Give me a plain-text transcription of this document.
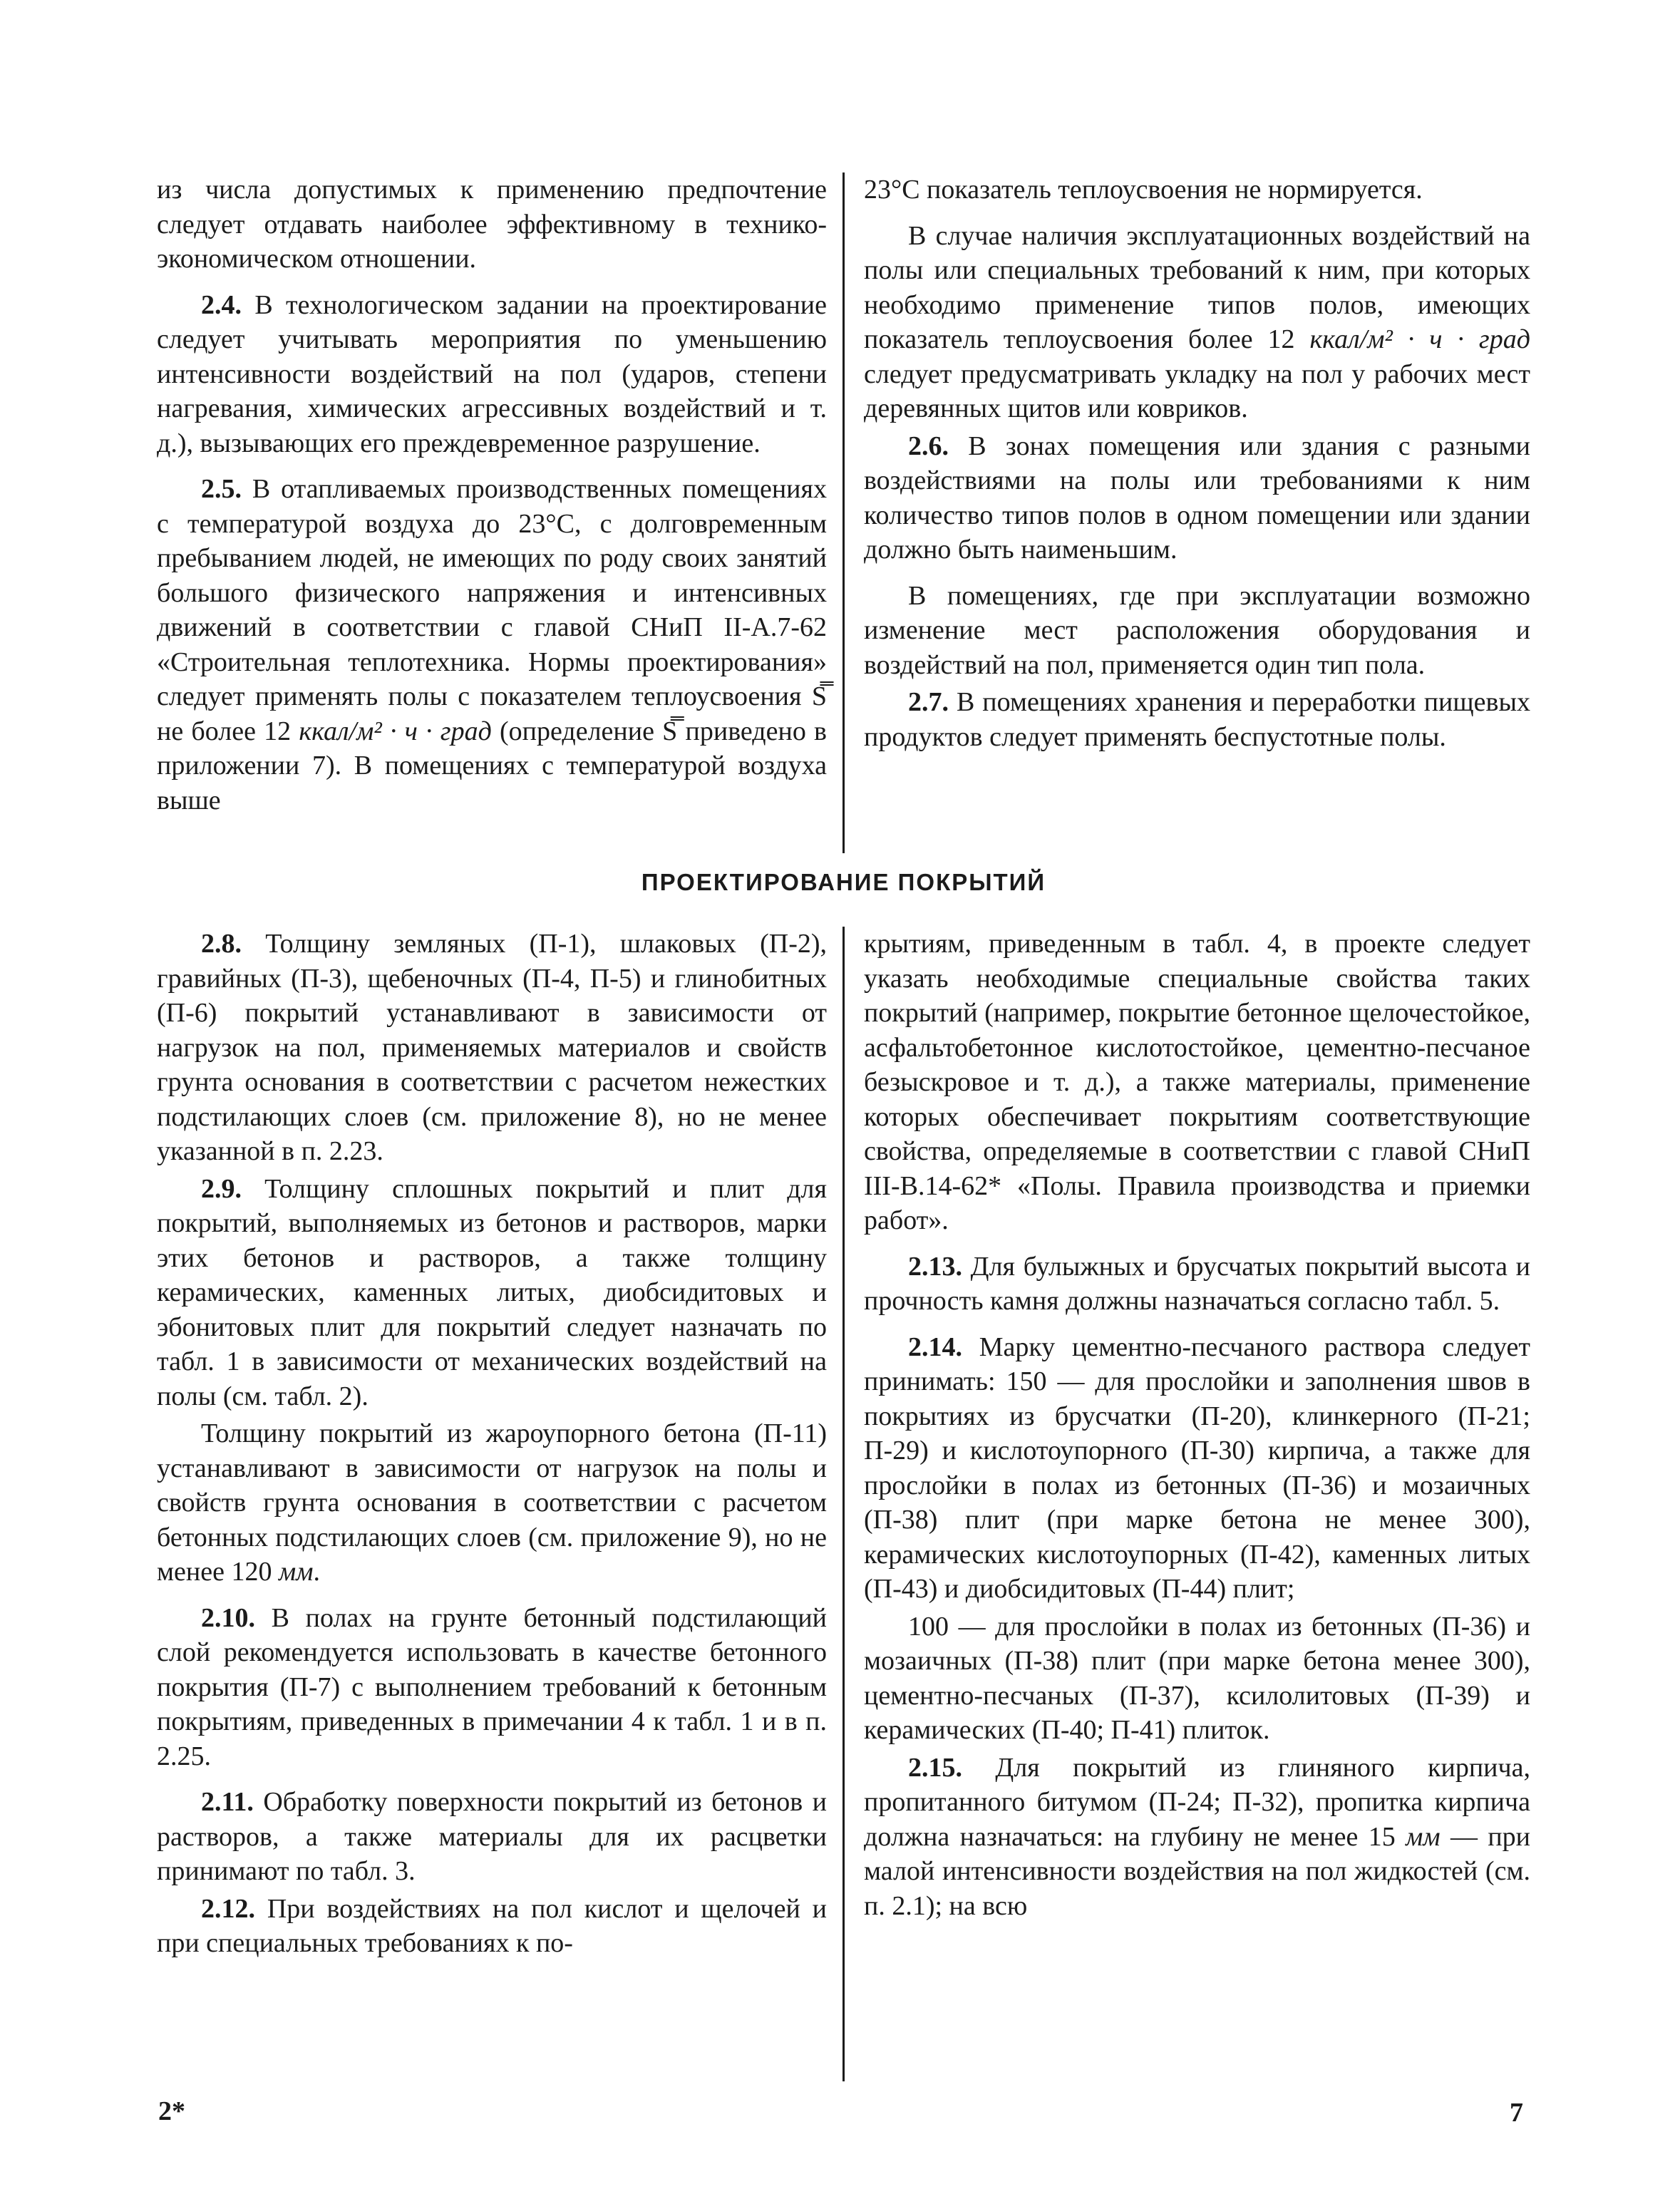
из числа допустимых к применению предпочтение следует отдавать наиболее эффективному в технико-экономическом отношении.

2.4. В технологическом задании на проектирование следует учитывать мероприятия по уменьшению интенсивности воздействий на пол (ударов, степени нагревания, химических агрессивных воздействий и т. д.), вызывающих его преждевременное разрушение.

2.5. В отапливаемых производственных помещениях с температурой воздуха до 23°С, с долговременным пребыванием людей, не имеющих по роду своих занятий большого физического напряжения и интенсивных движений в соответствии с главой СНиП II-А.7-62 «Строительная теплотехника. Нормы проектирования» следует применять полы с показателем теплоусвоения S̿ не более 12 ккал/м² · ч · град (определение S̿ приведено в приложении 7). В помещениях с температурой воздуха выше

23°С показатель теплоусвоения не нормируется.

В случае наличия эксплуатационных воздействий на полы или специальных требований к ним, при которых необходимо применение типов полов, имеющих показатель теплоусвоения более 12 ккал/м² · ч · град следует предусматривать укладку на пол у рабочих мест деревянных щитов или ковриков.

2.6. В зонах помещения или здания с разными воздействиями на полы или требованиями к ним количество типов полов в одном помещении или здании должно быть наименьшим.

В помещениях, где при эксплуатации возможно изменение мест расположения оборудования и воздействий на пол, применяется один тип пола.

2.7. В помещениях хранения и переработки пищевых продуктов следует применять беспустотные полы.

ПРОЕКТИРОВАНИЕ ПОКРЫТИЙ

2.8. Толщину земляных (П-1), шлаковых (П-2), гравийных (П-3), щебеночных (П-4, П-5) и глинобитных (П-6) покрытий устанавливают в зависимости от нагрузок на пол, применяемых материалов и свойств грунта основания в соответствии с расчетом нежестких подстилающих слоев (см. приложение 8), но не менее указанной в п. 2.23.

2.9. Толщину сплошных покрытий и плит для покрытий, выполняемых из бетонов и растворов, марки этих бетонов и растворов, а также толщину керамических, каменных литых, диобсидитовых и эбонитовых плит для покрытий следует назначать по табл. 1 в зависимости от механических воздействий на полы (см. табл. 2).

Толщину покрытий из жароупорного бетона (П-11) устанавливают в зависимости от нагрузок на полы и свойств грунта основания в соответствии с расчетом бетонных подстилающих слоев (см. приложение 9), но не менее 120 мм.

2.10. В полах на грунте бетонный подстилающий слой рекомендуется использовать в качестве бетонного покрытия (П-7) с выполнением требований к бетонным покрытиям, приведенных в примечании 4 к табл. 1 и в п. 2.25.

2.11. Обработку поверхности покрытий из бетонов и растворов, а также материалы для их расцветки принимают по табл. 3.

2.12. При воздействиях на пол кислот и щелочей и при специальных требованиях к по-

крытиям, приведенным в табл. 4, в проекте следует указать необходимые специальные свойства таких покрытий (например, покрытие бетонное щелочестойкое, асфальтобетонное кислотостойкое, цементно-песчаное безыскровое и т. д.), а также материалы, применение которых обеспечивает покрытиям соответствующие свойства, определяемые в соответствии с главой СНиП III-В.14-62* «Полы. Правила производства и приемки работ».

2.13. Для булыжных и брусчатых покрытий высота и прочность камня должны назначаться согласно табл. 5.

2.14. Марку цементно-песчаного раствора следует принимать: 150 — для прослойки и заполнения швов в покрытиях из брусчатки (П-20), клинкерного (П-21; П-29) и кислотоупорного (П-30) кирпича, а также для прослойки в полах из бетонных (П-36) и мозаичных (П-38) плит (при марке бетона не менее 300), керамических кислотоупорных (П-42), каменных литых (П-43) и диобсидитовых (П-44) плит;

100 — для прослойки в полах из бетонных (П-36) и мозаичных (П-38) плит (при марке бетона менее 300), цементно-песчаных (П-37), ксилолитовых (П-39) и керамических (П-40; П-41) плиток.

2.15. Для покрытий из глиняного кирпича, пропитанного битумом (П-24; П-32), пропитка кирпича должна назначаться: на глубину не менее 15 мм — при малой интенсивности воздействия на пол жидкостей (см. п. 2.1); на всю

2*	7
